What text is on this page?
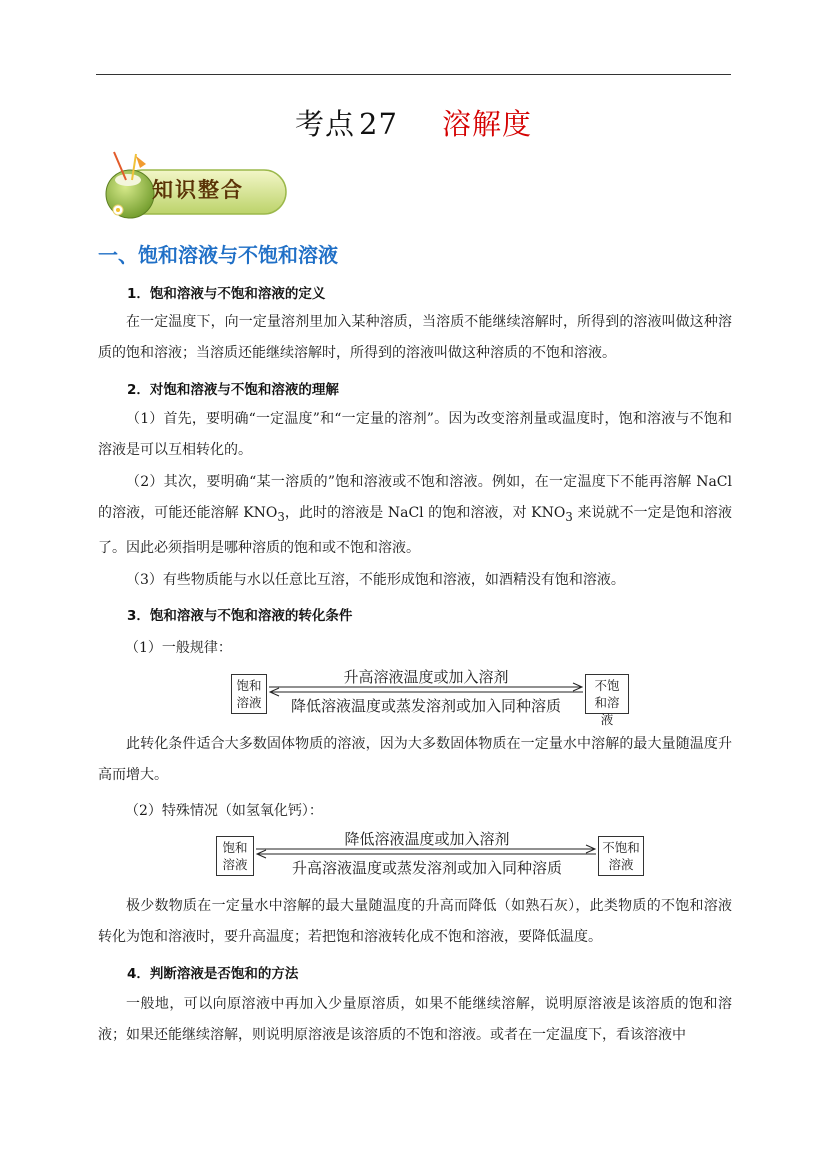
考点 27 溶解度
知识整合
一、饱和溶液与不饱和溶液
1．饱和溶液与不饱和溶液的定义
在一定温度下，向一定量溶剂里加入某种溶质，当溶质不能继续溶解时，所得到的溶液叫做这种溶质的饱和溶液；当溶质还能继续溶解时，所得到的溶液叫做这种溶质的不饱和溶液。
2．对饱和溶液与不饱和溶液的理解
（1）首先，要明确“一定温度”和“一定量的溶剂”。因为改变溶剂量或温度时，饱和溶液与不饱和溶液是可以互相转化的。
（2）其次，要明确“某一溶质的”饱和溶液或不饱和溶液。例如，在一定温度下不能再溶解 NaCl 的溶液，可能还能溶解 $KNO_3$，此时的溶液是 NaCl 的饱和溶液，对 $KNO_3$ 来说就不一定是饱和溶液了。因此必须指明是哪种溶质的饱和或不饱和溶液。
（3）有些物质能与水以任意比互溶，不能形成饱和溶液，如酒精没有饱和溶液。
3．饱和溶液与不饱和溶液的转化条件
（1）一般规律：
饱和溶液
不饱和溶液
升高溶液温度或加入溶剂
降低溶液温度或蒸发溶剂或加入同种溶质
此转化条件适合大多数固体物质的溶液，因为大多数固体物质在一定量水中溶解的最大量随温度升高而增大。
（2）特殊情况（如氢氧化钙）：
饱和溶液
不饱和溶液
降低溶液温度或加入溶剂
升高溶液温度或蒸发溶剂或加入同种溶质
极少数物质在一定量水中溶解的最大量随温度的升高而降低（如熟石灰），此类物质的不饱和溶液转化为饱和溶液时，要升高温度；若把饱和溶液转化成不饱和溶液，要降低温度。
4．判断溶液是否饱和的方法
一般地，可以向原溶液中再加入少量原溶质，如果不能继续溶解，说明原溶液是该溶质的饱和溶液；如果还能继续溶解，则说明原溶液是该溶质的不饱和溶液。或者在一定温度下，看该溶液中
